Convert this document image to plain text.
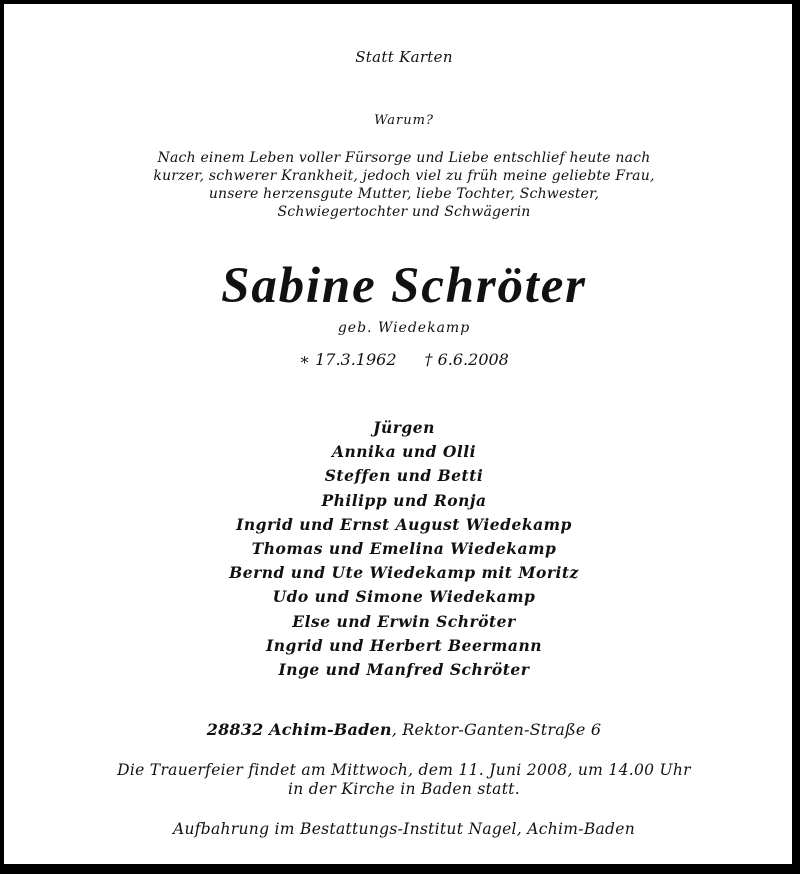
Statt Karten
Warum?
Nach einem Leben voller Fürsorge und Liebe entschlief heute nach
kurzer, schwerer Krankheit, jedoch viel zu früh meine geliebte Frau,
unsere herzensgute Mutter, liebe Tochter, Schwester,
Schwiegertochter und Schwägerin
Sabine Schröter
geb. Wiedekamp
∗ 17.3.1962 † 6.6.2008
Jürgen
Annika und Olli
Steffen und Betti
Philipp und Ronja
Ingrid und Ernst August Wiedekamp
Thomas und Emelina Wiedekamp
Bernd und Ute Wiedekamp mit Moritz
Udo und Simone Wiedekamp
Else und Erwin Schröter
Ingrid und Herbert Beermann
Inge und Manfred Schröter
28832 Achim-Baden, Rektor-Ganten-Straße 6
Die Trauerfeier findet am Mittwoch, dem 11. Juni 2008, um 14.00 Uhr
in der Kirche in Baden statt.
Aufbahrung im Bestattungs-Institut Nagel, Achim-Baden
